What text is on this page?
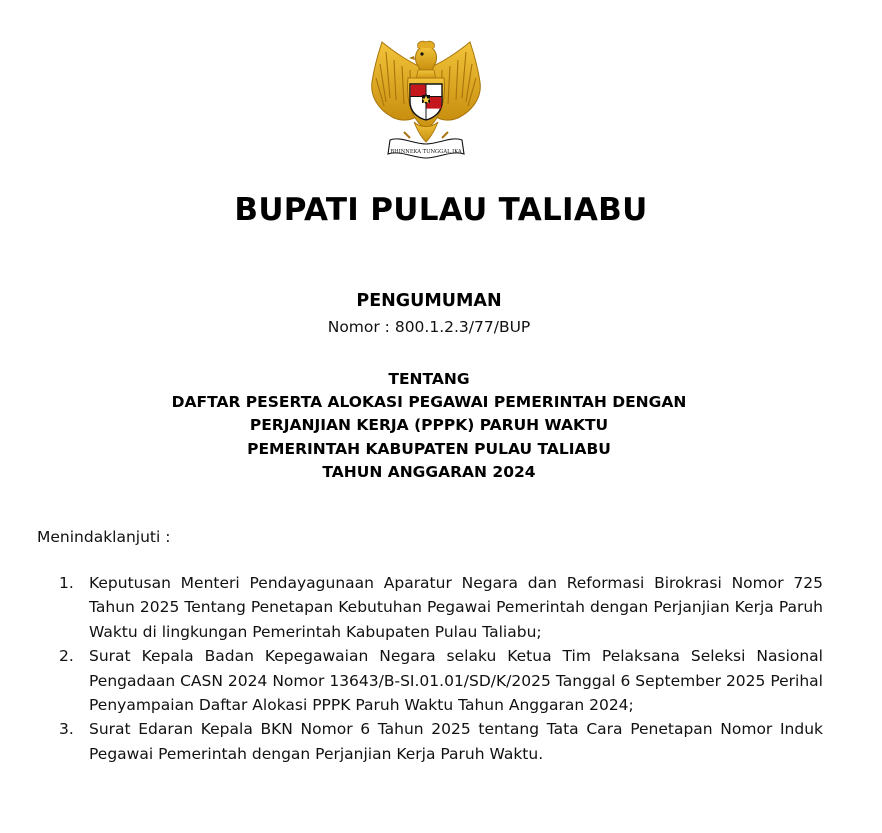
BHINNEKA TUNGGAL IKA
BUPATI PULAU TALIABU
PENGUMUMAN
Nomor : 800.1.2.3/77/BUP
TENTANG
DAFTAR PESERTA ALOKASI PEGAWAI PEMERINTAH DENGAN
PERJANJIAN KERJA (PPPK) PARUH WAKTU
PEMERINTAH KABUPATEN PULAU TALIABU
TAHUN ANGGARAN 2024
Menindaklanjuti :
1. Keputusan Menteri Pendayagunaan Aparatur Negara dan Reformasi Birokrasi Nomor 725 Tahun 2025 Tentang Penetapan Kebutuhan Pegawai Pemerintah dengan Perjanjian Kerja Paruh Waktu di lingkungan Pemerintah Kabupaten Pulau Taliabu;
2. Surat Kepala Badan Kepegawaian Negara selaku Ketua Tim Pelaksana Seleksi Nasional Pengadaan CASN 2024 Nomor 13643/B-SI.01.01/SD/K/2025 Tanggal 6 September 2025 Perihal Penyampaian Daftar Alokasi PPPK Paruh Waktu Tahun Anggaran 2024;
3. Surat Edaran Kepala BKN Nomor 6 Tahun 2025 tentang Tata Cara Penetapan Nomor Induk Pegawai Pemerintah dengan Perjanjian Kerja Paruh Waktu.
